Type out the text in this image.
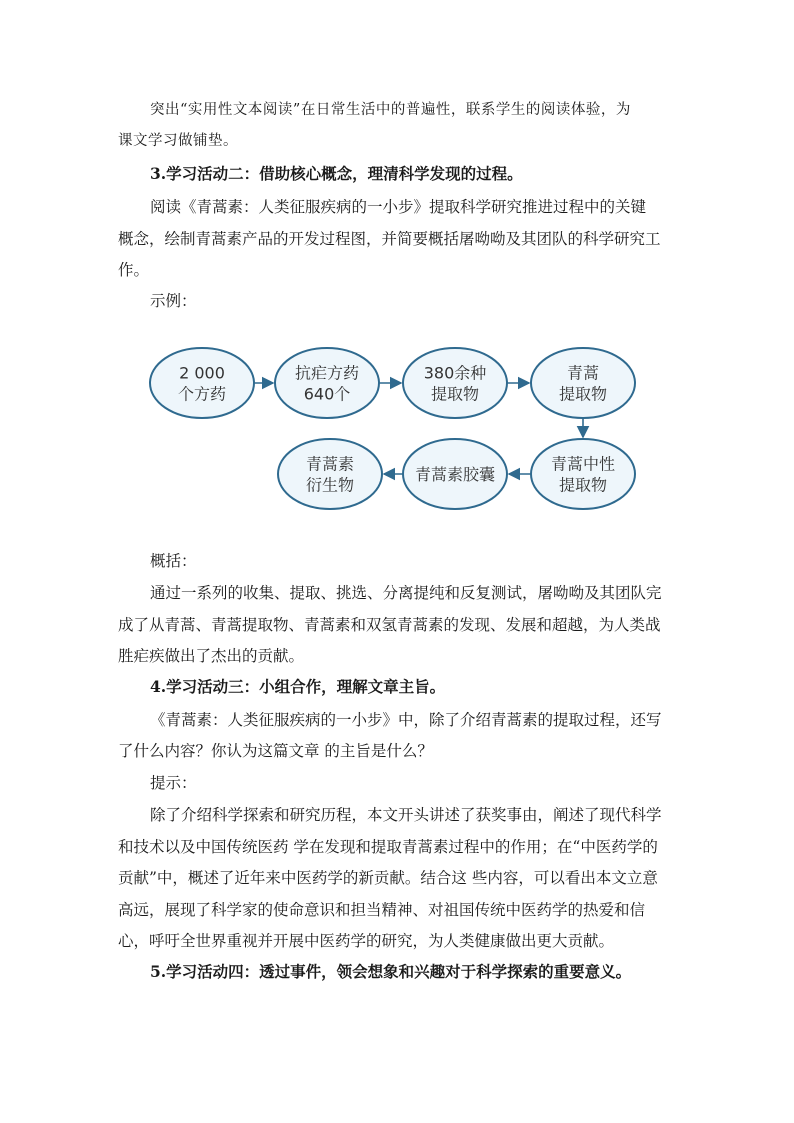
突出“实用性文本阅读”在日常生活中的普遍性，联系学生的阅读体验，为
课文学习做铺垫。
3.学习活动二：借助核心概念，理清科学发现的过程。
阅读《青蒿素：人类征服疾病的一小步》提取科学研究推进过程中的关键
概念，绘制青蒿素产品的开发过程图，并简要概括屠呦呦及其团队的科学研究工
作。
示例：
2 000
个方药
抗疟方药
640个
380余种
提取物
青蒿
提取物
青蒿中性
提取物
青蒿素胶囊
青蒿素
衍生物
概括：
通过一系列的收集、提取、挑选、分离提纯和反复测试，屠呦呦及其团队完
成了从青蒿、青蒿提取物、青蒿素和双氢青蒿素的发现、发展和超越，为人类战
胜疟疾做出了杰出的贡献。
4.学习活动三：小组合作，理解文章主旨。
《青蒿素：人类征服疾病的一小步》中，除了介绍青蒿素的提取过程，还写
了什么内容？你认为这篇文章 的主旨是什么？
提示：
除了介绍科学探索和研究历程，本文开头讲述了获奖事由，阐述了现代科学
和技术以及中国传统医药 学在发现和提取青蒿素过程中的作用；在“中医药学的
贡献”中，概述了近年来中医药学的新贡献。结合这 些内容，可以看出本文立意
高远，展现了科学家的使命意识和担当精神、对祖国传统中医药学的热爱和信
心，呼吁全世界重视并开展中医药学的研究，为人类健康做出更大贡献。
5.学习活动四：透过事件，领会想象和兴趣对于科学探索的重要意义。
